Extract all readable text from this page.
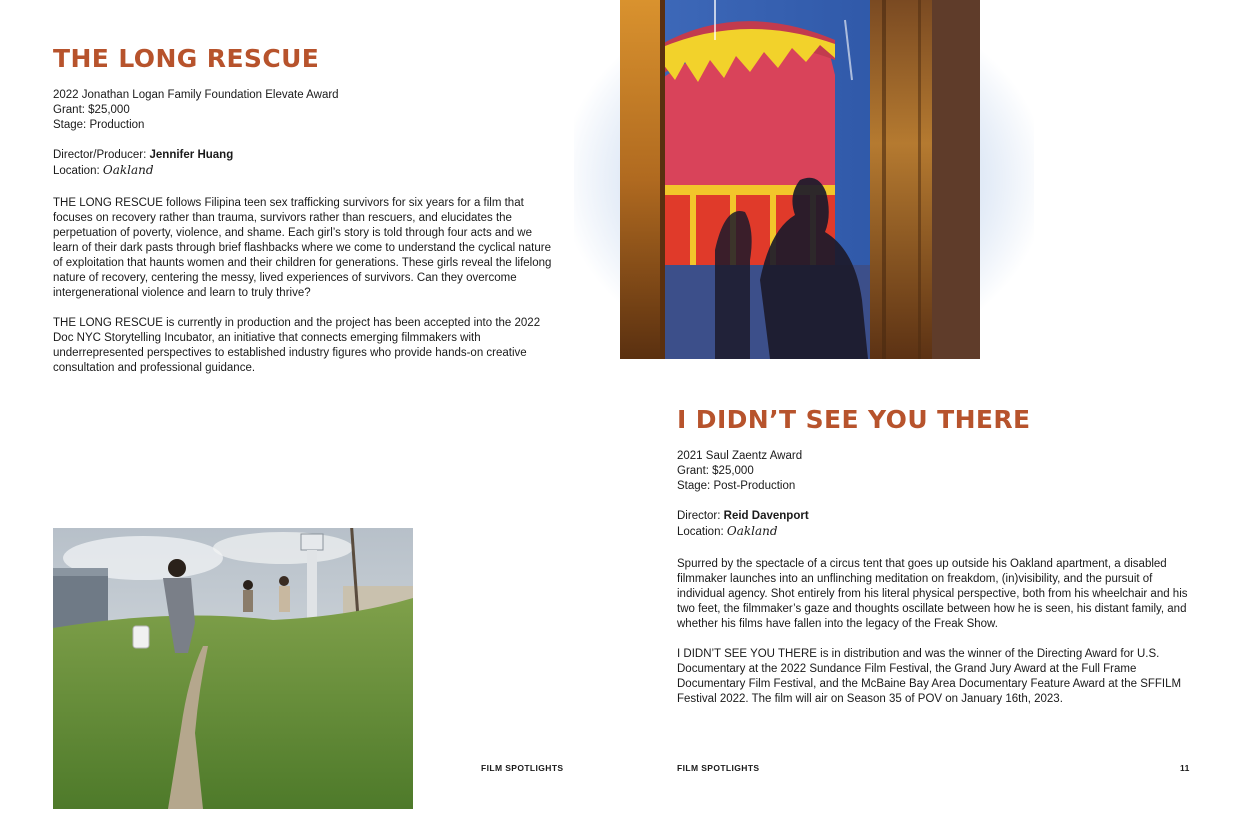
THE LONG RESCUE
2022 Jonathan Logan Family Foundation Elevate Award
Grant: $25,000
Stage: Production
Director/Producer: Jennifer Huang
Location: Oakland

THE LONG RESCUE follows Filipina teen sex trafficking survivors for six years for a film that focuses on recovery rather than trauma, survivors rather than rescuers, and elucidates the perpetuation of poverty, violence, and shame. Each girl’s story is told through four acts and we learn of their dark pasts through brief flashbacks where we come to understand the cyclical nature of exploitation that haunts women and their children for generations. These girls reveal the lifelong nature of recovery, centering the messy, lived experiences of survivors. Can they overcome intergenerational violence and learn to truly thrive?

THE LONG RESCUE is currently in production and the project has been accepted into the 2022 Doc NYC Storytelling Incubator, an initiative that connects emerging filmmakers with underrepresented perspectives to established industry figures who provide hands-on creative consultation and professional guidance.

I DIDN’T SEE YOU THERE
2021 Saul Zaentz Award
Grant: $25,000
Stage: Post-Production
Director: Reid Davenport
Location: Oakland

Spurred by the spectacle of a circus tent that goes up outside his Oakland apartment, a disabled filmmaker launches into an unflinching meditation on freakdom, (in)visibility, and the pursuit of individual agency. Shot entirely from his literal physical perspective, both from his wheelchair and his two feet, the filmmaker’s gaze and thoughts oscillate between how he is seen, his distant family, and whether his films have fallen into the legacy of the Freak Show.

I DIDN’T SEE YOU THERE is in distribution and was the winner of the Directing Award for U.S. Documentary at the 2022 Sundance Film Festival, the Grand Jury Award at the Full Frame Documentary Film Festival, and the McBaine Bay Area Documentary Feature Award at the SFFILM Festival 2022. The film will air on Season 35 of POV on January 16th, 2023.

FILM SPOTLIGHTS	FILM SPOTLIGHTS	11
